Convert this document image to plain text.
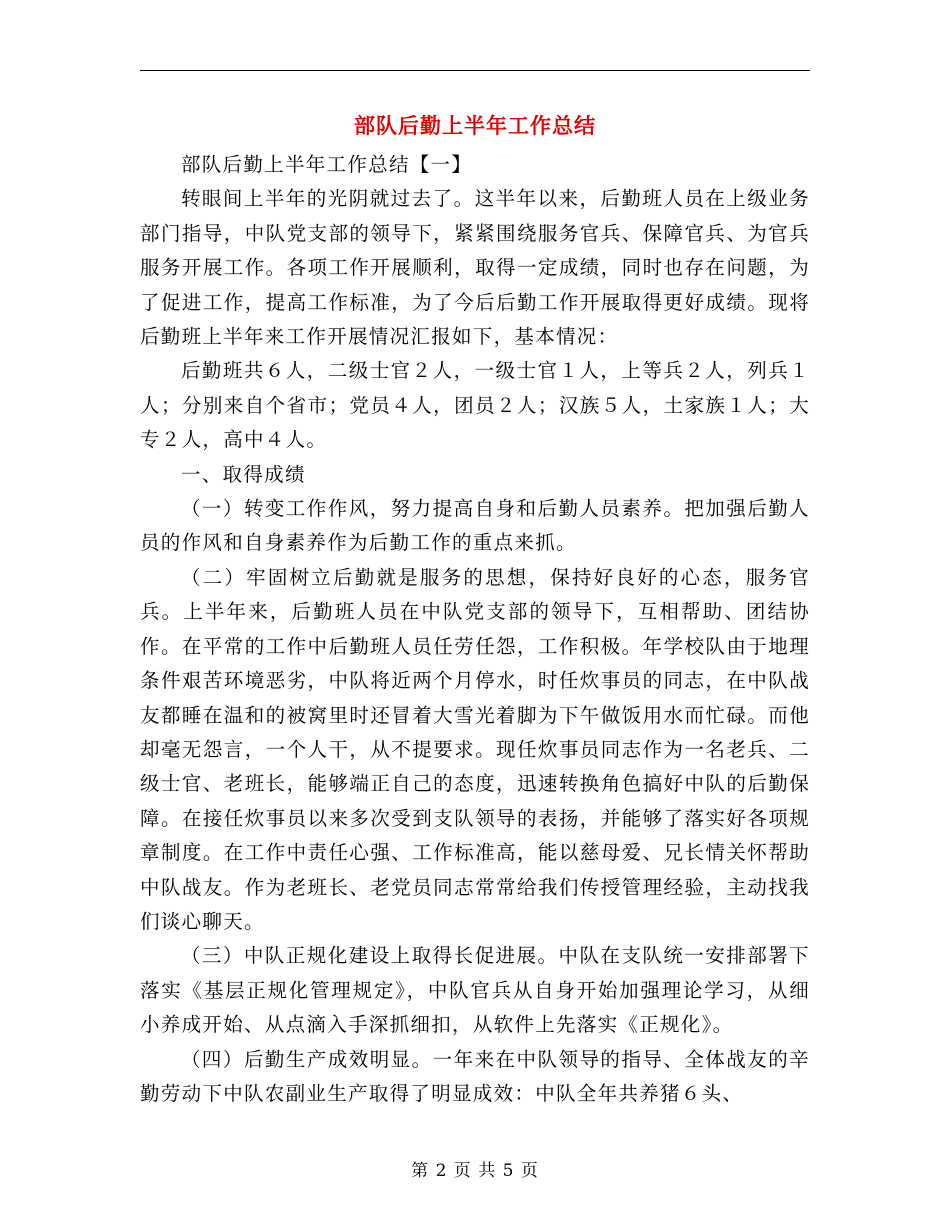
部队后勤上半年工作总结

部队后勤上半年工作总结【一】

转眼间上半年的光阴就过去了。这半年以来，后勤班人员在上级业务部门指导，中队党支部的领导下，紧紧围绕服务官兵、保障官兵、为官兵服务开展工作。各项工作开展顺利，取得一定成绩，同时也存在问题，为了促进工作，提高工作标准，为了今后后勤工作开展取得更好成绩。现将后勤班上半年来工作开展情况汇报如下，基本情况：

后勤班共６人，二级士官２人，一级士官１人，上等兵２人，列兵１人；分别来自个省市；党员４人，团员２人；汉族５人，土家族１人；大专２人，高中４人。

一、取得成绩

（一）转变工作作风，努力提高自身和后勤人员素养。把加强后勤人员的作风和自身素养作为后勤工作的重点来抓。

（二）牢固树立后勤就是服务的思想，保持好良好的心态，服务官兵。上半年来，后勤班人员在中队党支部的领导下，互相帮助、团结协作。在平常的工作中后勤班人员任劳任怨，工作积极。年学校队由于地理条件艰苦环境恶劣，中队将近两个月停水，时任炊事员的同志，在中队战友都睡在温和的被窝里时还冒着大雪光着脚为下午做饭用水而忙碌。而他却毫无怨言，一个人干，从不提要求。现任炊事员同志作为一名老兵、二级士官、老班长，能够端正自己的态度，迅速转换角色搞好中队的后勤保障。在接任炊事员以来多次受到支队领导的表扬，并能够了落实好各项规章制度。在工作中责任心强、工作标准高，能以慈母爱、兄长情关怀帮助中队战友。作为老班长、老党员同志常常给我们传授管理经验，主动找我们谈心聊天。

（三）中队正规化建设上取得长促进展。中队在支队统一安排部署下落实《基层正规化管理规定》，中队官兵从自身开始加强理论学习，从细小养成开始、从点滴入手深抓细扣，从软件上先落实《正规化》。

（四）后勤生产成效明显。一年来在中队领导的指导、全体战友的辛勤劳动下中队农副业生产取得了明显成效：中队全年共养猪６头、

第 2 页 共 5 页
